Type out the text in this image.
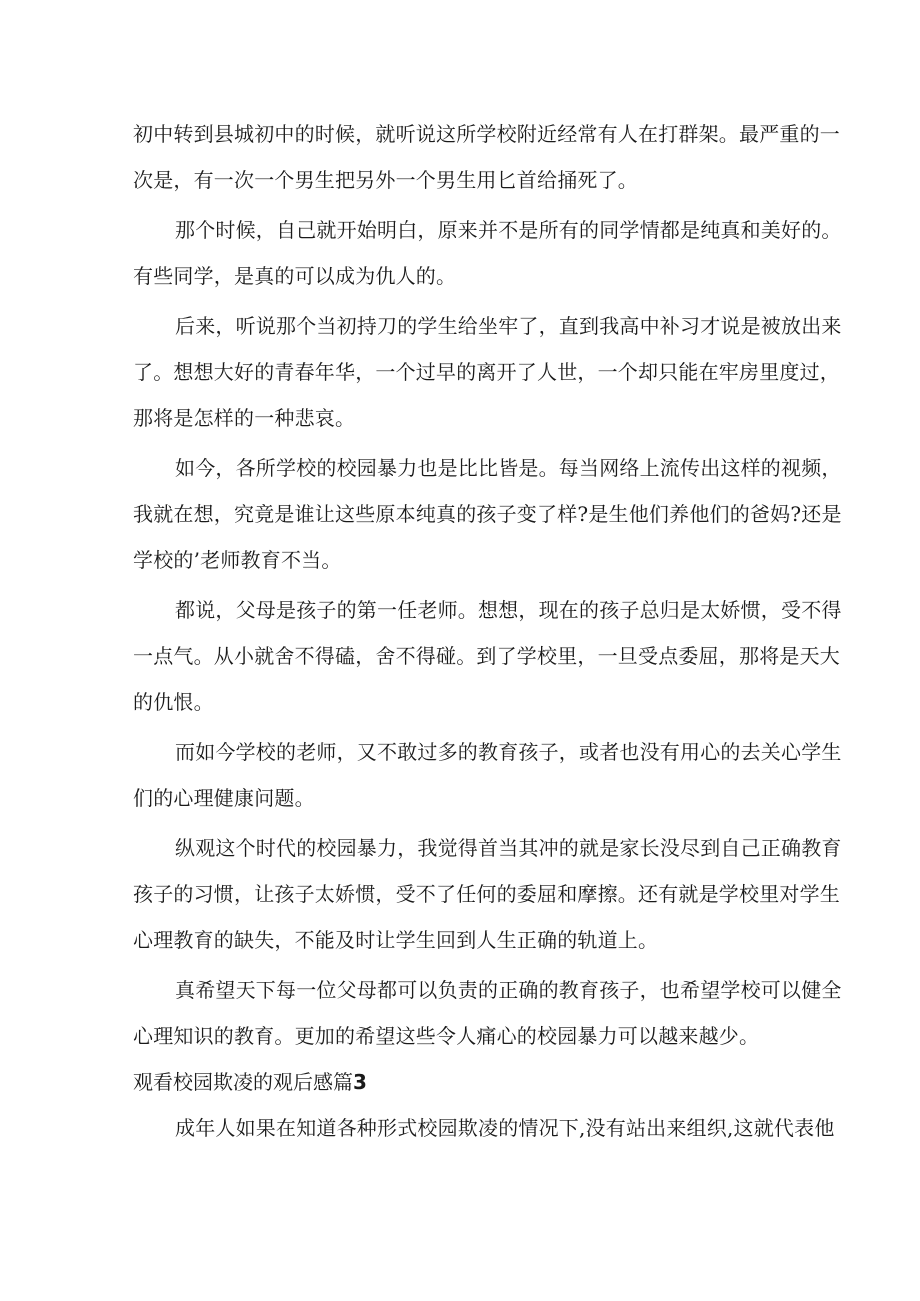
初中转到县城初中的时候，就听说这所学校附近经常有人在打群架。最严重的一
次是，有一次一个男生把另外一个男生用匕首给捅死了。
那个时候，自己就开始明白，原来并不是所有的同学情都是纯真和美好的。
有些同学，是真的可以成为仇人的。
后来，听说那个当初持刀的学生给坐牢了，直到我高中补习才说是被放出来
了。想想大好的青春年华，一个过早的离开了人世，一个却只能在牢房里度过，
那将是怎样的一种悲哀。
如今，各所学校的校园暴力也是比比皆是。每当网络上流传出这样的视频，
我就在想，究竟是谁让这些原本纯真的孩子变了样?是生他们养他们的爸妈?还是
学校的’老师教育不当。
都说，父母是孩子的第一任老师。想想，现在的孩子总归是太娇惯，受不得
一点气。从小就舍不得磕，舍不得碰。到了学校里，一旦受点委屈，那将是天大
的仇恨。
而如今学校的老师，又不敢过多的教育孩子，或者也没有用心的去关心学生
们的心理健康问题。
纵观这个时代的校园暴力，我觉得首当其冲的就是家长没尽到自己正确教育
孩子的习惯，让孩子太娇惯，受不了任何的委屈和摩擦。还有就是学校里对学生
心理教育的缺失，不能及时让学生回到人生正确的轨道上。
真希望天下每一位父母都可以负责的正确的教育孩子，也希望学校可以健全
心理知识的教育。更加的希望这些令人痛心的校园暴力可以越来越少。
观看校园欺凌的观后感篇3
成年人如果在知道各种形式校园欺凌的情况下,没有站出来组织,这就代表他
